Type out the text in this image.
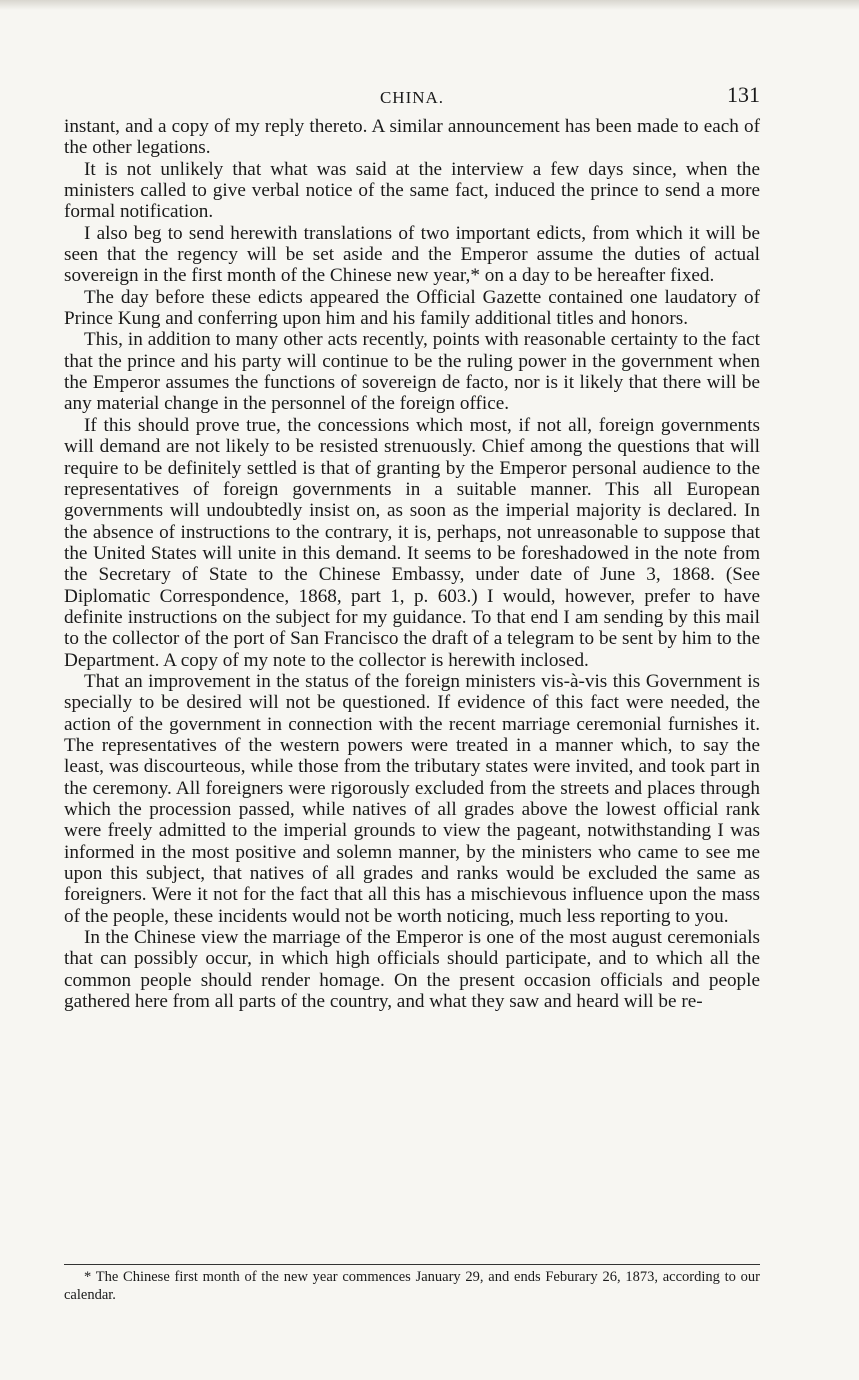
CHINA.	131

instant, and a copy of my reply thereto. A similar announcement has been made to each of the other legations.

It is not unlikely that what was said at the interview a few days since, when the ministers called to give verbal notice of the same fact, induced the prince to send a more formal notification.

I also beg to send herewith translations of two important edicts, from which it will be seen that the regency will be set aside and the Emperor assume the duties of actual sovereign in the first month of the Chinese new year,* on a day to be hereafter fixed.

The day before these edicts appeared the Official Gazette contained one laudatory of Prince Kung and conferring upon him and his family additional titles and honors.

This, in addition to many other acts recently, points with reasonable certainty to the fact that the prince and his party will continue to be the ruling power in the government when the Emperor assumes the functions of sovereign de facto, nor is it likely that there will be any material change in the personnel of the foreign office.

If this should prove true, the concessions which most, if not all, foreign governments will demand are not likely to be resisted strenuously. Chief among the questions that will require to be definitely settled is that of granting by the Emperor personal audience to the representatives of foreign governments in a suitable manner. This all European governments will undoubtedly insist on, as soon as the imperial majority is declared. In the absence of instructions to the contrary, it is, perhaps, not unreasonable to suppose that the United States will unite in this demand. It seems to be foreshadowed in the note from the Secretary of State to the Chinese Embassy, under date of June 3, 1868. (See Diplomatic Correspondence, 1868, part 1, p. 603.) I would, however, prefer to have definite instructions on the subject for my guidance. To that end I am sending by this mail to the collector of the port of San Francisco the draft of a telegram to be sent by him to the Department. A copy of my note to the collector is herewith inclosed.

That an improvement in the status of the foreign ministers vis-à-vis this Government is specially to be desired will not be questioned. If evidence of this fact were needed, the action of the government in connection with the recent marriage ceremonial furnishes it. The representatives of the western powers were treated in a manner which, to say the least, was discourteous, while those from the tributary states were invited, and took part in the ceremony. All foreigners were rigorously excluded from the streets and places through which the procession passed, while natives of all grades above the lowest official rank were freely admitted to the imperial grounds to view the pageant, notwithstanding I was informed in the most positive and solemn manner, by the ministers who came to see me upon this subject, that natives of all grades and ranks would be excluded the same as foreigners. Were it not for the fact that all this has a mischievous influence upon the mass of the people, these incidents would not be worth noticing, much less reporting to you.

In the Chinese view the marriage of the Emperor is one of the most august ceremonials that can possibly occur, in which high officials should participate, and to which all the common people should render homage. On the present occasion officials and people gathered here from all parts of the country, and what they saw and heard will be re-

* The Chinese first month of the new year commences January 29, and ends Feburary 26, 1873, according to our calendar.
